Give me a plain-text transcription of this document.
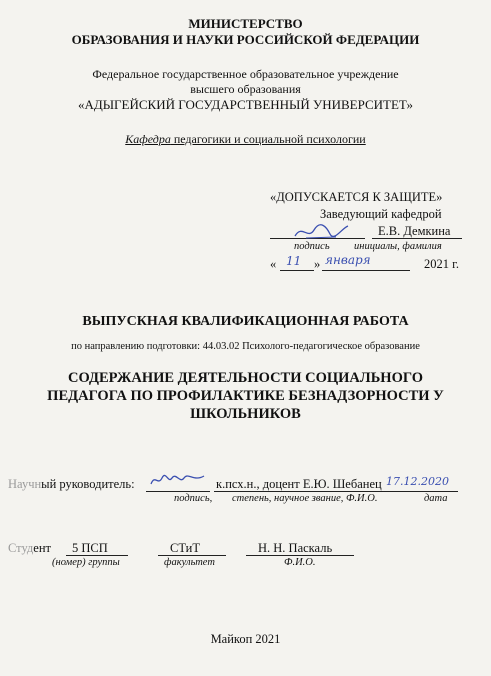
МИНИСТЕРСТВО
ОБРАЗОВАНИЯ И НАУКИ РОССИЙСКОЙ ФЕДЕРАЦИИ
Федеральное государственное образовательное учреждение
высшего образования
«АДЫГЕЙСКИЙ ГОСУДАРСТВЕННЫЙ УНИВЕРСИТЕТ»
Кафедра педагогики и социальной психологии
«ДОПУСКАЕТСЯ К ЗАЩИТЕ»
Заведующий кафедрой
Е.В. Демкина
подпись инициалы, фамилия
« 11 » января	2021 г.
ВЫПУСКНАЯ КВАЛИФИКАЦИОННАЯ РАБОТА
по направлению подготовки: 44.03.02 Психолого-педагогическое образование
СОДЕРЖАНИЕ ДЕЯТЕЛЬНОСТИ СОЦИАЛЬНОГО
ПЕДАГОГА ПО ПРОФИЛАКТИКЕ БЕЗНАДЗОРНОСТИ У
ШКОЛЬНИКОВ
Научный руководитель:	к.псх.н., доцент Е.Ю. Шебанец 17.12.2020
подпись, степень, научное звание, Ф.И.О.	дата
Студент 5 ПСП	СТиТ	Н. Н. Паскаль
(номер) группы	факультет	Ф.И.О.
Майкоп 2021
